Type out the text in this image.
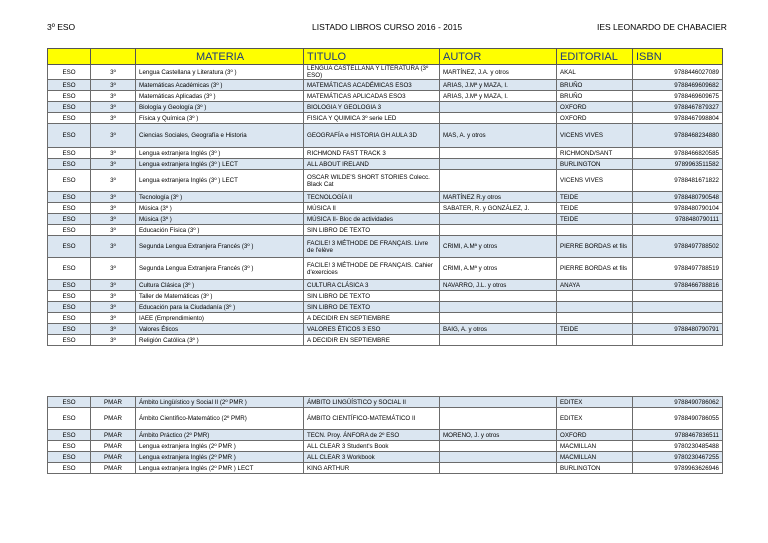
3º ESO	LISTADO LIBROS CURSO 2016 - 2015	IES LEONARDO DE CHABACIER
		MATERIA	TITULO	AUTOR	EDITORIAL	ISBN
ESO	3º	Lengua Castellana y Literatura (3º )	LENGUA CASTELLANA Y LITERATURA (3º ESO)	MARTÍNEZ, J.A. y otros	AKAL	9788446027089
ESO	3º	Matemáticas Académicas (3º )	MATEMÁTICAS ACADÉMICAS ESO3	ARIAS, J.Mª y MAZA, I.	BRUÑO	9788469609682
ESO	3º	Matemáticas Aplicadas (3º )	MATEMÁTICAS APLICADAS ESO3	ARIAS, J.Mª y MAZA, I.	BRUÑO	9788469609675
ESO	3º	Biología y Geología (3º )	BIOLOGIA Y GEOLOGIA 3		OXFORD	9788467879327
ESO	3º	Física y Química (3º )	FISICA Y QUIMICA 3º serie LED		OXFORD	9788467998804
ESO	3º	Ciencias Sociales, Geografía e Historia	GEOGRAFÍA e HISTORIA GH AULA 3D	MAS, A. y otros	VICENS VIVES	9788468234880
ESO	3º	Lengua extranjera Inglés (3º )	RICHMOND FAST TRACK 3		RICHMOND/SANT	9788466820585
ESO	3º	Lengua extranjera Inglés (3º ) LECT	ALL ABOUT IRELAND		BURLINGTON	9789963511582
ESO	3º	Lengua extranjera Inglés (3º ) LECT	OSCAR WILDE'S SHORT STORIES Colecc. Black Cat		VICENS VIVES	9788481671822
ESO	3º	Tecnología (3º )	TECNOLOGÍA II	MARTÍNEZ R.y otros	TEIDE	9788480790548
ESO	3º	Música (3º )	MÚSICA II	SABATER, R. y GONZÁLEZ, J.	TEIDE	9788480790104
ESO	3º	Música (3º )	MÚSICA II- Bloc de actividades		TEIDE	9788480790111
ESO	3º	Educación Física (3º )	SIN LIBRO DE TEXTO			
ESO	3º	Segunda Lengua Extranjera Francés (3º )	FACILE! 3 MÉTHODE DE FRANÇAIS. Livre de l'elève	CRIMI, A.Mª y otros	PIERRE BORDAS et fils	9788497788502
ESO	3º	Segunda Lengua Extranjera Francés (3º )	FACILE! 3 MÉTHODE DE FRANÇAIS. Cahier d'exercices	CRIMI, A.Mª y otros	PIERRE BORDAS et fils	9788497788519
ESO	3º	Cultura Clásica (3º )	CULTURA CLÁSICA 3	NAVARRO, J.L. y otros	ANAYA	9788466788816
ESO	3º	Taller de Matemáticas (3º )	SIN LIBRO DE TEXTO			
ESO	3º	Educación para la Ciudadanía (3º )	SIN LIBRO DE TEXTO			
ESO	3º	IAEE (Emprendimiento)	A DECIDIR EN SEPTIEMBRE			
ESO	3º	Valores Éticos	VALORES ÉTICOS 3 ESO	BAIG, A. y otros	TEIDE	9788480790791
ESO	3º	Religión Católica (3º )	A DECIDIR EN SEPTIEMBRE			
ESO	PMAR	Ámbito Lingüístico y Social II (2º PMR )	ÁMBITO LINGÜÍSTICO y SOCIAL II		EDITEX	9788490786062
ESO	PMAR	Ámbito Científico-Matemático (2º PMR)	ÁMBITO CIENTÍFICO-MATEMÁTICO II		EDITEX	9788490786055
ESO	PMAR	Ámbito Práctico (2º PMR)	TECN. Proy. ÁNFORA de 2º ESO	MORENO, J. y otros	OXFORD	9788467836511
ESO	PMAR	Lengua extranjera Inglés (2º PMR )	ALL CLEAR 3 Student's Book		MACMILLAN	9780230485488
ESO	PMAR	Lengua extranjera Inglés (2º PMR )	ALL CLEAR 3 Workbook		MACMILLAN	9780230467255
ESO	PMAR	Lengua extranjera Inglés (2º PMR ) LECT	KING ARTHUR		BURLINGTON	9789963626946
